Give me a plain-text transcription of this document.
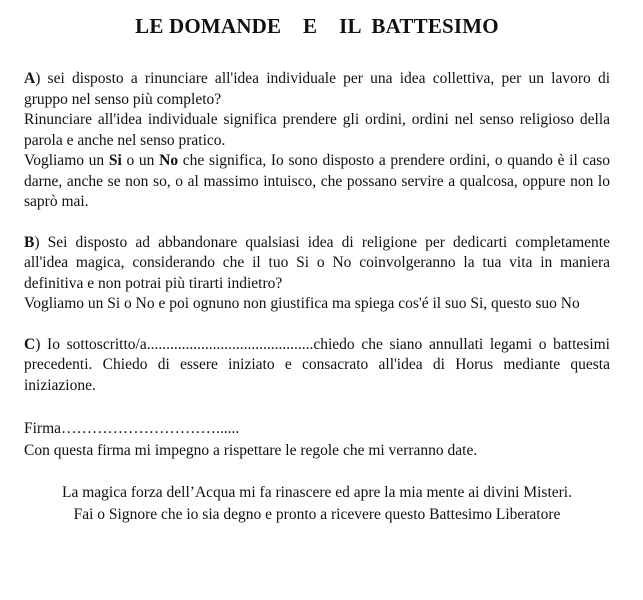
LE DOMANDE    E    IL  BATTESIMO

A) sei disposto a rinunciare all'idea individuale per una idea collettiva, per un lavoro di gruppo nel senso più completo?

Rinunciare all'idea individuale significa prendere gli ordini, ordini nel senso religioso della parola e anche nel senso pratico.

Vogliamo un Si o un No che significa, Io sono disposto a prendere ordini, o quando è il caso darne, anche se non so, o al massimo intuisco, che possano servire a qualcosa, oppure non lo saprò mai.

B) Sei disposto ad abbandonare qualsiasi idea di religione per dedicarti completamente all'idea magica, considerando che il tuo Si o No coinvolgeranno la tua vita in maniera definitiva e non potrai più tirarti indietro?

Vogliamo un Si o No e poi ognuno non giustifica ma spiega cos'é il suo Si, questo suo No

C) Io sottoscritto/a...........................................chiedo che siano annullati legami o battesimi precedenti. Chiedo di essere iniziato e consacrato all'idea di Horus mediante questa iniziazione.

Firma…………………………......

Con questa firma mi impegno a rispettare le regole che mi verranno date.

La magica forza dell’Acqua mi fa rinascere ed apre la mia mente ai divini Misteri.

Fai o Signore che io sia degno e pronto a ricevere questo Battesimo Liberatore
